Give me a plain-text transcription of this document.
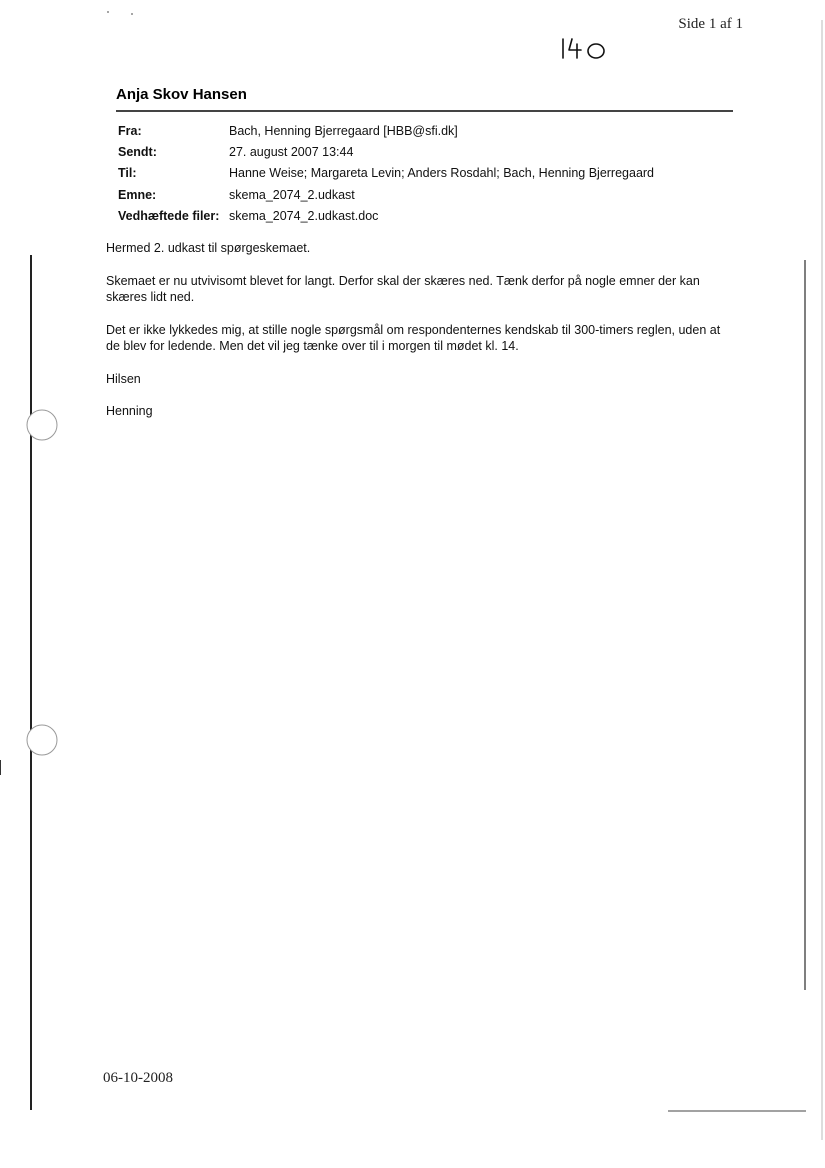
Side 1 af 1
Anja Skov Hansen
Fra:	Bach, Henning Bjerregaard [HBB@sfi.dk]
Sendt:	27. august 2007 13:44
Til:	Hanne Weise; Margareta Levin; Anders Rosdahl; Bach, Henning Bjerregaard
Emne:	skema_2074_2.udkast
Vedhæftede filer:	skema_2074_2.udkast.doc

Hermed 2. udkast til spørgeskemaet.

Skemaet er nu utvivisomt blevet for langt. Derfor skal der skæres ned. Tænk derfor på nogle emner der kan skæres lidt ned.

Det er ikke lykkedes mig, at stille nogle spørgsmål om respondenternes kendskab til 300-timers reglen, uden at de blev for ledende. Men det vil jeg tænke over til i morgen til mødet kl. 14.

Hilsen

Henning

06-10-2008
